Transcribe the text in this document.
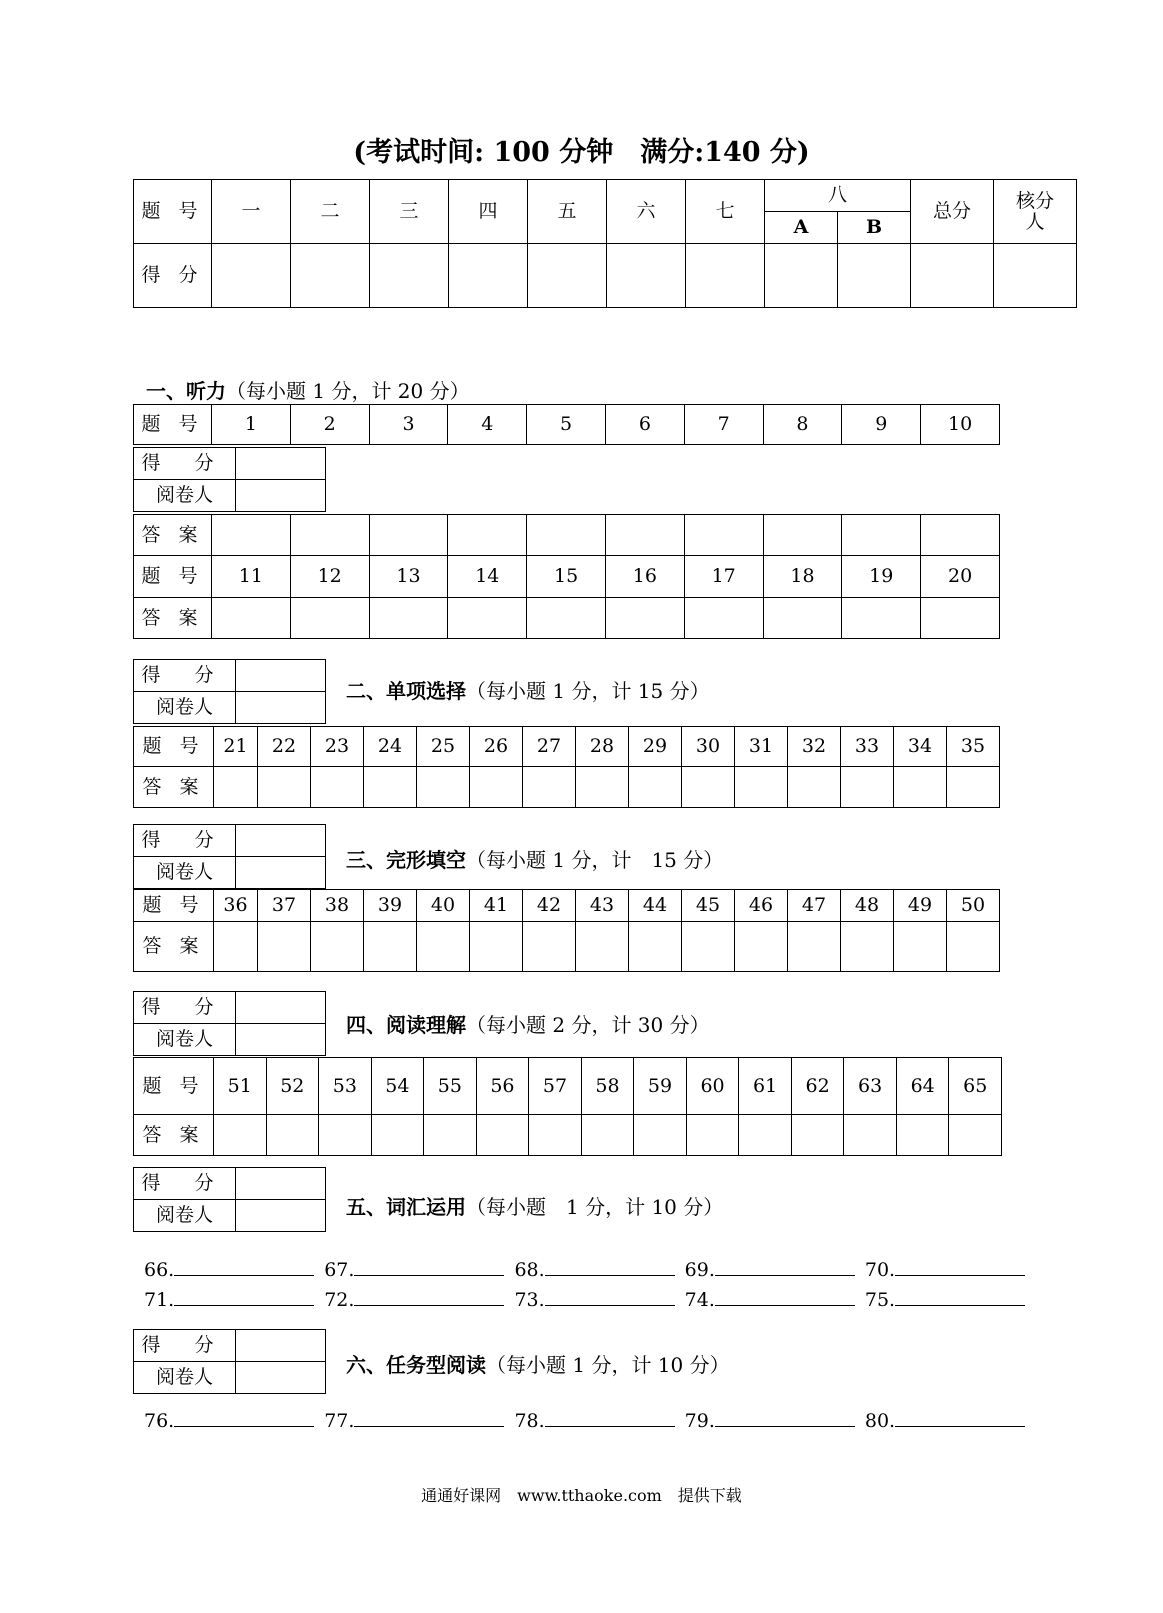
(考试时间: 100 分钟　满分:140 分)
题 号	一	二	三	四	五	六	七	八		总分	核分人
								A	B		
得 分											
一、听力（每小题 1 分，计 20 分）
题 号	1	2	3	4	5	6	7	8	9	10
得 分	
阅卷人	
答 案										
题 号	11	12	13	14	15	16	17	18	19	20
答 案										
得 分	
阅卷人	
二、单项选择（每小题 1 分，计 15 分）
题 号	21	22	23	24	25	26	27	28	29	30	31	32	33	34	35
答 案															
得 分	
阅卷人	
三、完形填空（每小题 1 分，计　15 分）
题 号	36	37	38	39	40	41	42	43	44	45	46	47	48	49	50
答 案															
得 分	
阅卷人	
四、阅读理解（每小题 2 分，计 30 分）
题 号	51	52	53	54	55	56	57	58	59	60	61	62	63	64	65
答 案															
得 分	
阅卷人		五、词汇运用（每小题　1 分，计 10 分）
66.	67.	68.	69.	70.
71.	72.	73.	74.	75.
得 分	
阅卷人	
六、任务型阅读（每小题 1 分，计 10 分）
76.	77.	78.	79.	80.
通通好课网　www.tthaoke.com　提供下载
